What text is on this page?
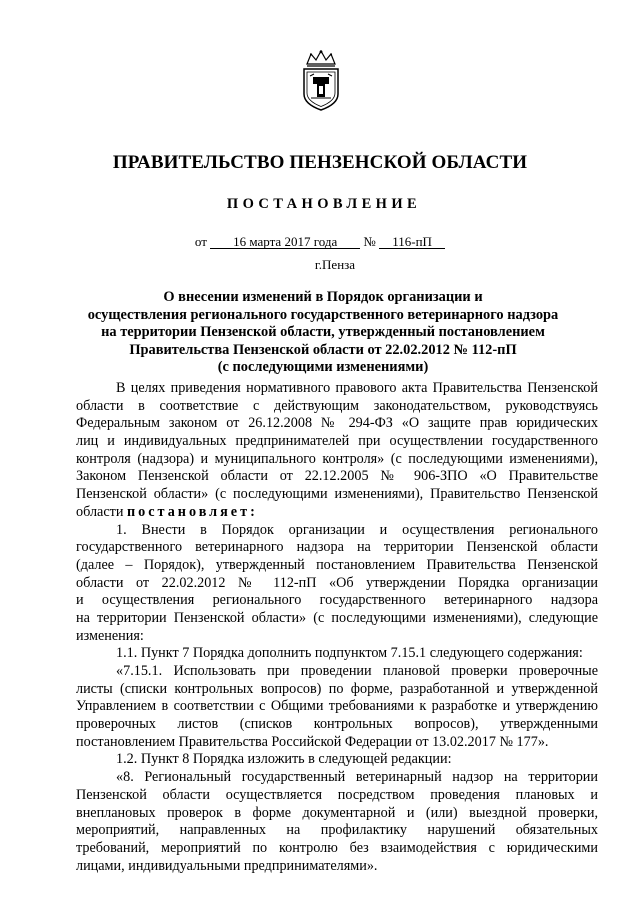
ПРАВИТЕЛЬСТВО ПЕНЗЕНСКОЙ ОБЛАСТИ
ПОСТАНОВЛЕНИЕ
от 16 марта 2017 года № 116-пП
г.Пенза
О внесении изменений в Порядок организации и
осуществления регионального государственного ветеринарного надзора
на территории Пензенской области, утвержденный постановлением
Правительства Пензенской области от 22.02.2012 № 112-пП
(с последующими изменениями)
В целях приведения нормативного правового акта Правительства Пензенской
области в соответствие с действующим законодательством, руководствуясь
Федеральным законом от 26.12.2008 № 294-ФЗ «О защите прав юридических
лиц и индивидуальных предпринимателей при осуществлении государственного
контроля (надзора) и муниципального контроля» (с последующими изменениями),
Законом Пензенской области от 22.12.2005 № 906-ЗПО «О Правительстве
Пензенской области» (с последующими изменениями), Правительство Пензенской
области постановляет:
1. Внести в Порядок организации и осуществления регионального
государственного ветеринарного надзора на территории Пензенской области
(далее – Порядок), утвержденный постановлением Правительства Пензенской
области от 22.02.2012 № 112-пП «Об утверждении Порядка организации
и осуществления регионального государственного ветеринарного надзора
на территории Пензенской области» (с последующими изменениями), следующие
изменения:
1.1. Пункт 7 Порядка дополнить подпунктом 7.15.1 следующего содержания:
«7.15.1. Использовать при проведении плановой проверки проверочные
листы (списки контрольных вопросов) по форме, разработанной и утвержденной
Управлением в соответствии с Общими требованиями к разработке и утверждению
проверочных листов (списков контрольных вопросов), утвержденными
постановлением Правительства Российской Федерации от 13.02.2017 № 177».
1.2. Пункт 8 Порядка изложить в следующей редакции:
«8. Региональный государственный ветеринарный надзор на территории
Пензенской области осуществляется посредством проведения плановых и
внеплановых проверок в форме документарной и (или) выездной проверки,
мероприятий, направленных на профилактику нарушений обязательных
требований, мероприятий по контролю без взаимодействия с юридическими
лицами, индивидуальными предпринимателями».
